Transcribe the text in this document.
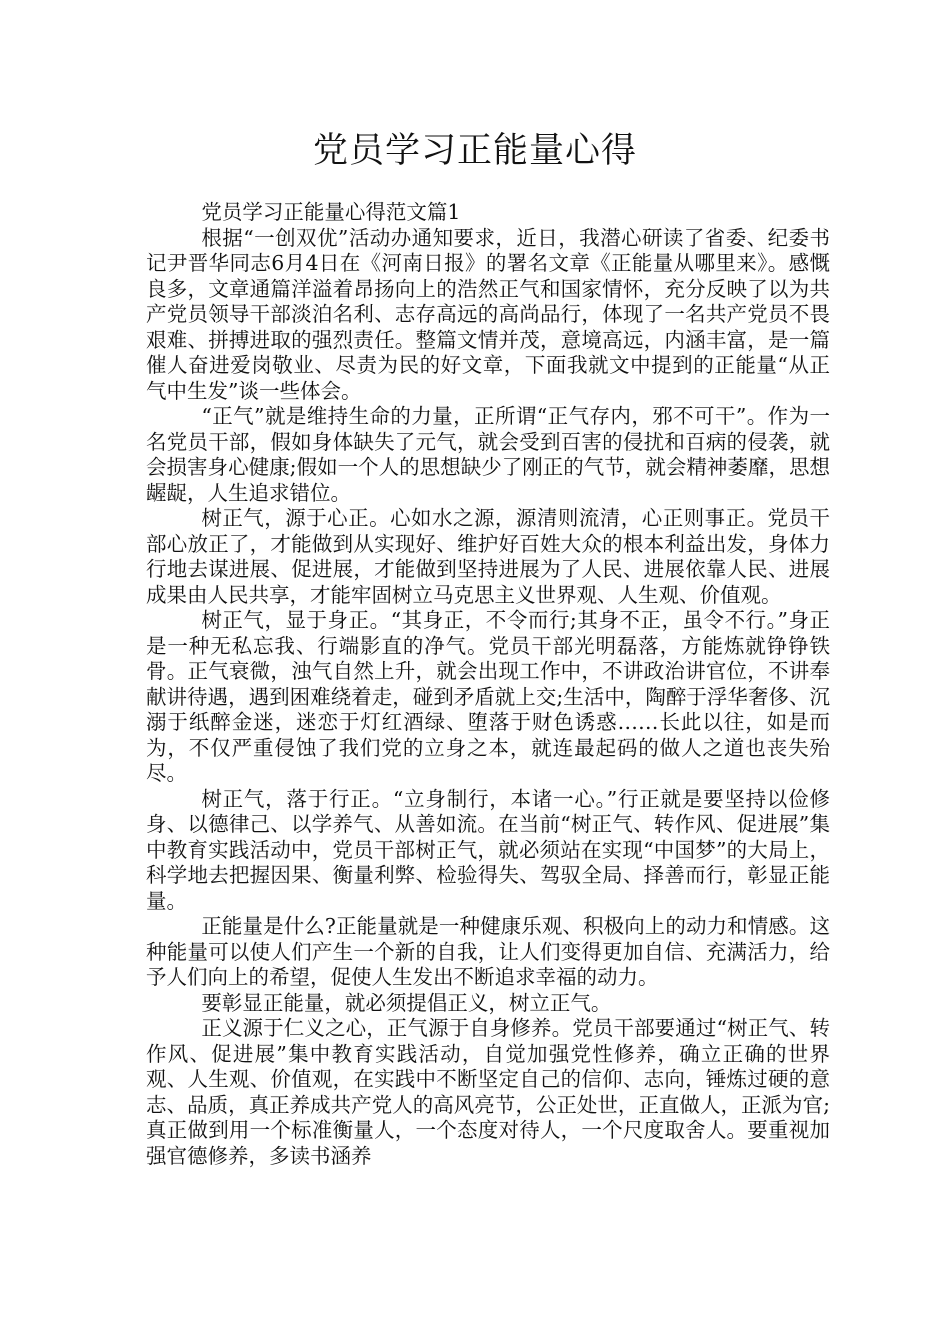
党员学习正能量心得

党员学习正能量心得范文篇1

根据“一创双优”活动办通知要求，近日，我潜心研读了省委、纪委书记尹晋华同志6月4日在《河南日报》的署名文章《正能量从哪里来》。感慨良多，文章通篇洋溢着昂扬向上的浩然正气和国家情怀，充分反映了以为共产党员领导干部淡泊名利、志存高远的高尚品行，体现了一名共产党员不畏艰难、拼搏进取的强烈责任。整篇文情并茂，意境高远，内涵丰富，是一篇催人奋进爱岗敬业、尽责为民的好文章，下面我就文中提到的正能量“从正气中生发”谈一些体会。

“正气”就是维持生命的力量，正所谓“正气存内，邪不可干”。作为一名党员干部，假如身体缺失了元气，就会受到百害的侵扰和百病的侵袭，就会损害身心健康;假如一个人的思想缺少了刚正的气节，就会精神萎靡，思想龌龊，人生追求错位。

树正气，源于心正。心如水之源，源清则流清，心正则事正。党员干部心放正了，才能做到从实现好、维护好百姓大众的根本利益出发，身体力行地去谋进展、促进展，才能做到坚持进展为了人民、进展依靠人民、进展成果由人民共享，才能牢固树立马克思主义世界观、人生观、价值观。

树正气，显于身正。“其身正，不令而行;其身不正，虽令不行。”身正是一种无私忘我、行端影直的净气。党员干部光明磊落，方能炼就铮铮铁骨。正气衰微，浊气自然上升，就会出现工作中，不讲政治讲官位，不讲奉献讲待遇，遇到困难绕着走，碰到矛盾就上交;生活中，陶醉于浮华奢侈、沉溺于纸醉金迷，迷恋于灯红酒绿、堕落于财色诱惑……长此以往，如是而为，不仅严重侵蚀了我们党的立身之本，就连最起码的做人之道也丧失殆尽。

树正气，落于行正。“立身制行，本诸一心。”行正就是要坚持以俭修身、以德律己、以学养气、从善如流。在当前“树正气、转作风、促进展”集中教育实践活动中，党员干部树正气，就必须站在实现“中国梦”的大局上，科学地去把握因果、衡量利弊、检验得失、驾驭全局、择善而行，彰显正能量。

正能量是什么?正能量就是一种健康乐观、积极向上的动力和情感。这种能量可以使人们产生一个新的自我，让人们变得更加自信、充满活力，给予人们向上的希望，促使人生发出不断追求幸福的动力。

要彰显正能量，就必须提倡正义，树立正气。

正义源于仁义之心，正气源于自身修养。党员干部要通过“树正气、转作风、促进展”集中教育实践活动，自觉加强党性修养，确立正确的世界观、人生观、价值观，在实践中不断坚定自己的信仰、志向，锤炼过硬的意志、品质，真正养成共产党人的高风亮节，公正处世，正直做人，正派为官;真正做到用一个标准衡量人，一个态度对待人，一个尺度取舍人。要重视加强官德修养，多读书涵养
